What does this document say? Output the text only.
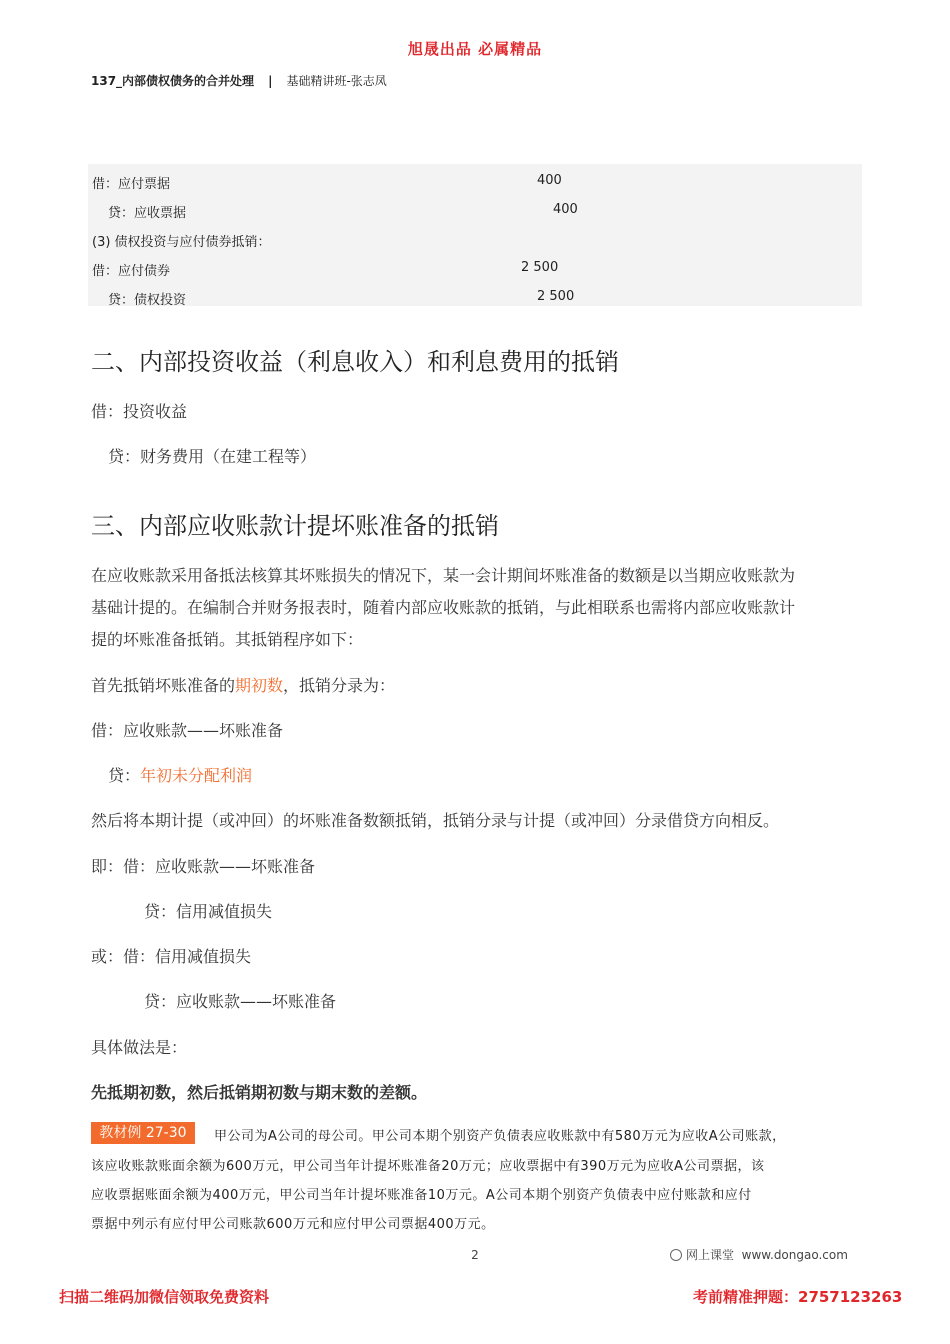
旭晟出品 必属精品
137_内部债权债务的合并处理 | 基础精讲班-张志凤
借：应付票据	400
贷：应收票据	400
(3) 债权投资与应付债券抵销：
借：应付债券	2 500
贷：债权投资	2 500
二、内部投资收益（利息收入）和利息费用的抵销
借：投资收益
贷：财务费用（在建工程等）
三、内部应收账款计提坏账准备的抵销
在应收账款采用备抵法核算其坏账损失的情况下，某一会计期间坏账准备的数额是以当期应收账款为
基础计提的。在编制合并财务报表时，随着内部应收账款的抵销，与此相联系也需将内部应收账款计
提的坏账准备抵销。其抵销程序如下：
首先抵销坏账准备的期初数，抵销分录为：
借：应收账款——坏账准备
贷：年初未分配利润
然后将本期计提（或冲回）的坏账准备数额抵销，抵销分录与计提（或冲回）分录借贷方向相反。
即：借：应收账款——坏账准备
贷：信用减值损失
或：借：信用减值损失
贷：应收账款——坏账准备
具体做法是：
先抵期初数，然后抵销期初数与期末数的差额。
教材例 27-30	甲公司为A公司的母公司。甲公司本期个别资产负债表应收账款中有580万元为应收A公司账款，
该应收账款账面余额为600万元，甲公司当年计提坏账准备20万元；应收票据中有390万元为应收A公司票据，该
应收票据账面余额为400万元，甲公司当年计提坏账准备10万元。A公司本期个别资产负债表中应付账款和应付
票据中列示有应付甲公司账款600万元和应付甲公司票据400万元。
2	网上课堂 www.dongao.com
扫描二维码加微信领取免费资料	考前精准押题：2757123263
